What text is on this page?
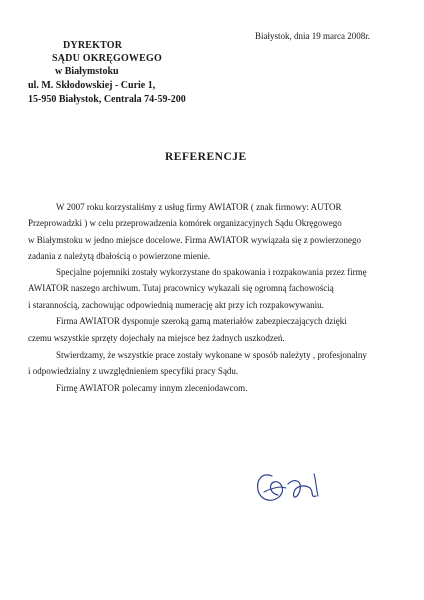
Białystok, dnia 19 marca 2008r.
DYREKTOR
SĄDU OKRĘGOWEGO
w Białymstoku
ul. M. Skłodowskiej - Curie 1,
15-950 Białystok, Centrala 74-59-200
REFERENCJE
W 2007 roku korzystaliśmy z usług firmy AWIATOR ( znak firmowy: AUTOR
Przeprowadzki ) w celu przeprowadzenia komórek organizacyjnych Sądu Okręgowego
w Białymstoku w jedno miejsce docelowe. Firma AWIATOR wywiązała się z powierzonego
zadania z należytą dbałością o powierzone mienie.
Specjalne pojemniki zostały wykorzystane do spakowania i rozpakowania przez firmę
AWIATOR naszego archiwum. Tutaj pracownicy wykazali się ogromną fachowością
i starannością, zachowując odpowiednią numerację akt przy ich rozpakowywaniu.
Firma AWIATOR dysponuje szeroką gamą materiałów zabezpieczających dzięki
czemu wszystkie sprzęty dojechały na miejsce bez żadnych uszkodzeń.
Stwierdzamy, że wszystkie prace zostały wykonane w sposób należyty , profesjonalny
i odpowiedzialny z uwzględnieniem specyfiki pracy Sądu.
Firmę AWIATOR polecamy innym zleceniodawcom.
